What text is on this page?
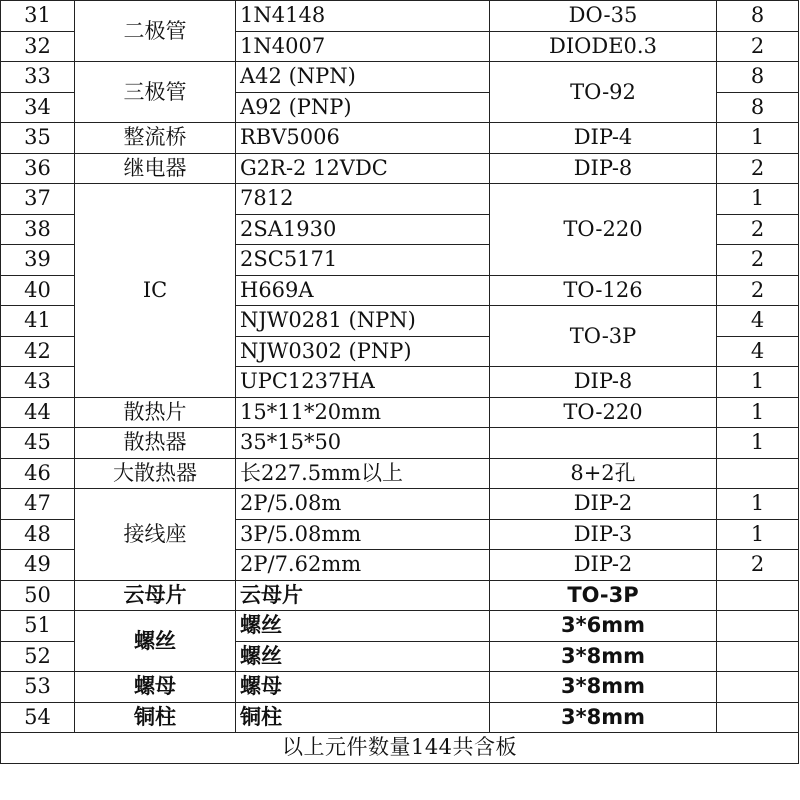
31	二极管	1N4148	DO-35	8
32		1N4007	DIODE0.3	2
33	三极管	A42 (NPN)	TO-92	8
34		A92 (PNP)		8
35	整流桥	RBV5006	DIP-4	1
36	继电器	G2R-2 12VDC	DIP-8	2
37	IC	7812	TO-220	1
38		2SA1930		2
39		2SC5171		2
40		H669A	TO-126	2
41		NJW0281 (NPN)	TO-3P	4
42		NJW0302 (PNP)		4
43		UPC1237HA	DIP-8	1
44	散热片	15*11*20mm	TO-220	1
45	散热器	35*15*50		1
46	大散热器	长227.5mm以上	8+2孔	
47	接线座	2P/5.08m	DIP-2	1
48		3P/5.08mm	DIP-3	1
49		2P/7.62mm	DIP-2	2
50	云母片	云母片	TO-3P	
51	螺丝	螺丝	3*6mm	
52		螺丝	3*8mm	
53	螺母	螺母	3*8mm	
54	铜柱	铜柱	3*8mm	
以上元件数量144共含板				
